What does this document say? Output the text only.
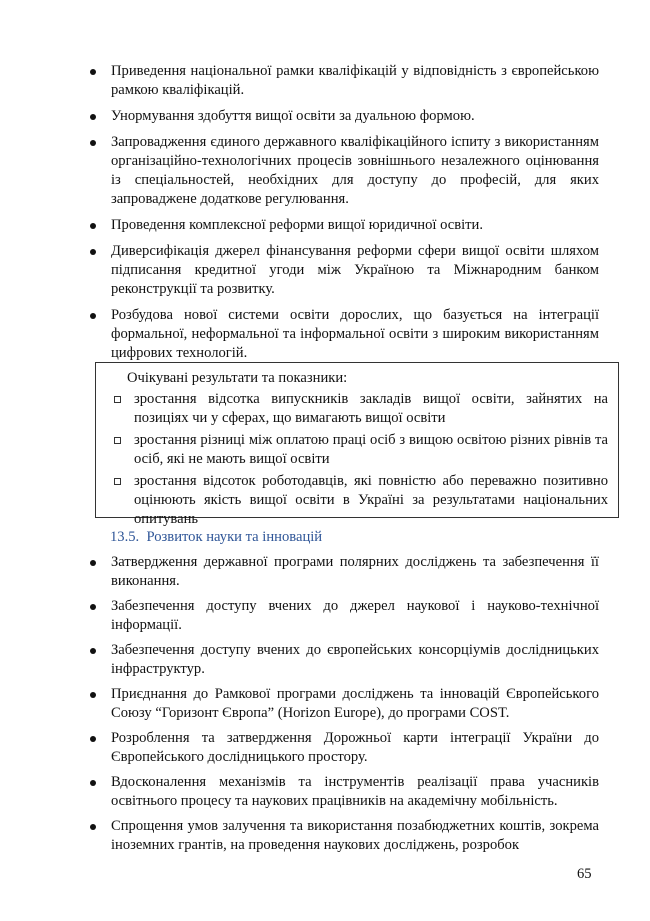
Приведення національної рамки кваліфікацій у відповідність з європейською рамкою кваліфікацій.
Унормування здобуття вищої освіти за дуальною формою.
Запровадження єдиного державного кваліфікаційного іспиту з використанням організаційно-технологічних процесів зовнішнього незалежного оцінювання із спеціальностей, необхідних для доступу до професій, для яких запроваджене додаткове регулювання.
Проведення комплексної реформи вищої юридичної освіти.
Диверсифікація джерел фінансування реформи сфери вищої освіти шляхом підписання кредитної угоди між Україною та Міжнародним банком реконструкції та розвитку.
Розбудова нової системи освіти дорослих, що базується на інтеграції формальної, неформальної та інформальної освіти з широким використанням цифрових технологій.
Очікувані результати та показники:
зростання відсотка випускників закладів вищої освіти, зайнятих на позиціях чи у сферах, що вимагають вищої освіти
зростання різниці між оплатою праці осіб з вищою освітою різних рівнів та осіб, які не мають вищої освіти
зростання відсоток роботодавців, які повністю або переважно позитивно оцінюють якість вищої освіти в Україні за результатами національних опитувань
13.5. Розвиток науки та інновацій
Затвердження державної програми полярних досліджень та забезпечення її виконання.
Забезпечення доступу вчених до джерел наукової і науково-технічної інформації.
Забезпечення доступу вчених до європейських консорціумів дослідницьких інфраструктур.
Приєднання до Рамкової програми досліджень та інновацій Європейського Союзу “Горизонт Європа” (Horizon Europe), до програми COST.
Розроблення та затвердження Дорожньої карти інтеграції України до Європейського дослідницького простору.
Вдосконалення механізмів та інструментів реалізації права учасників освітнього процесу та наукових працівників на академічну мобільність.
Спрощення умов залучення та використання позабюджетних коштів, зокрема іноземних грантів, на проведення наукових досліджень, розробок
65
